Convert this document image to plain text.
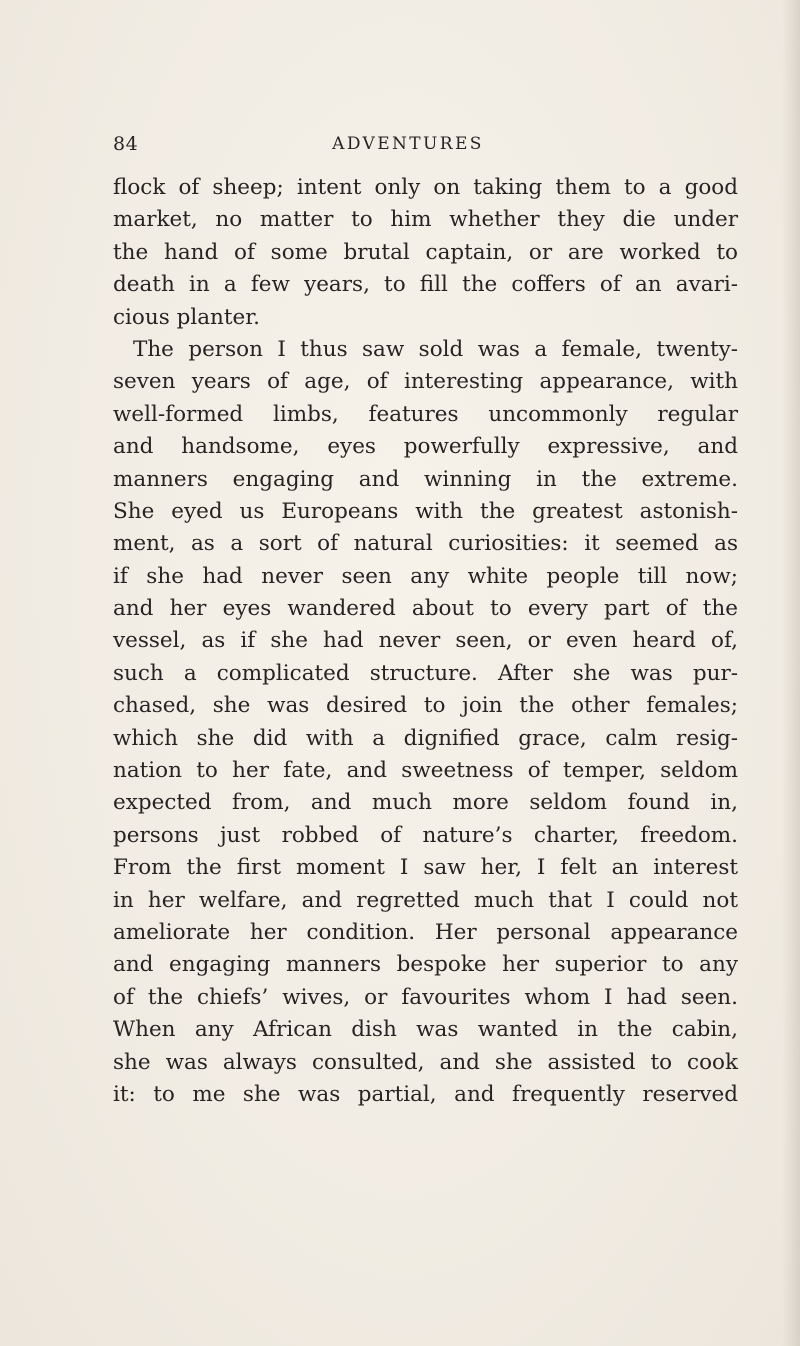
84	ADVENTURES
flock of sheep; intent only on taking them to a good
market, no matter to him whether they die under
the hand of some brutal captain, or are worked to
death in a few years, to fill the coffers of an avari-
cious planter.
The person I thus saw sold was a female, twenty-
seven years of age, of interesting appearance, with
well-formed limbs, features uncommonly regular
and handsome, eyes powerfully expressive, and
manners engaging and winning in the extreme.
She eyed us Europeans with the greatest astonish-
ment, as a sort of natural curiosities: it seemed as
if she had never seen any white people till now;
and her eyes wandered about to every part of the
vessel, as if she had never seen, or even heard of,
such a complicated structure. After she was pur-
chased, she was desired to join the other females;
which she did with a dignified grace, calm resig-
nation to her fate, and sweetness of temper, seldom
expected from, and much more seldom found in,
persons just robbed of nature’s charter, freedom.
From the first moment I saw her, I felt an interest
in her welfare, and regretted much that I could not
ameliorate her condition. Her personal appearance
and engaging manners bespoke her superior to any
of the chiefs’ wives, or favourites whom I had seen.
When any African dish was wanted in the cabin,
she was always consulted, and she assisted to cook
it: to me she was partial, and frequently reserved
